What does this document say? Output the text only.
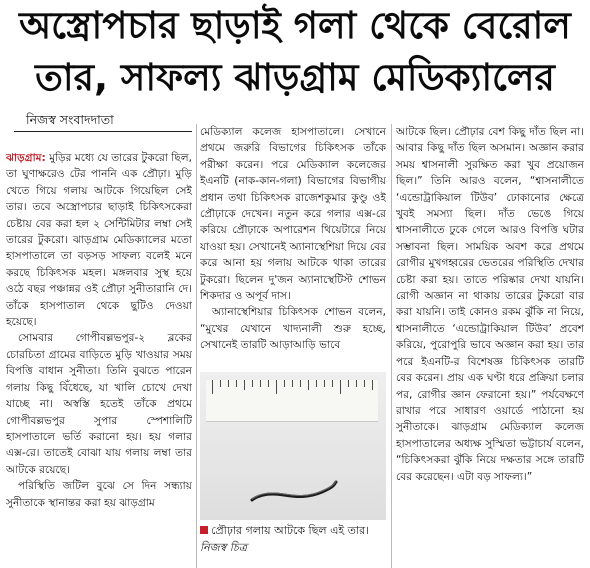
অস্ত্রোপচার ছাড়াই গলা থেকে বেরোল
তার, সাফল্য ঝাড়গ্রাম মেডিক্যালের
নিজস্ব সংবাদদাতা

ঝাড়গ্রাম: মুড়ির মধ্যে যে তারের টুকরো ছিল, তা ঘুণাক্ষরেও টের পাননি এক প্রৌঢ়া। মুড়ি খেতে গিয়ে গলায় আটকে গিয়েছিল সেই তার। তবে অস্ত্রোপচার ছাড়াই চিকিৎসকেরা চেষ্টায় বের করা হল ২ সেন্টিমিটার লম্বা সেই তারের টুকরো। ঝাড়গ্রাম মেডিক্যালের মতো হাসপাতালে তা বড়সড় সাফল্য বলেই মনে করছে চিকিৎসক মহল। মঙ্গলবার সুস্থ হয়ে ওঠে বছর পঞ্চান্নর ওই প্রৌঢ়া সুনীতারানি দে। তাঁকে হাসপাতাল থেকে ছুটিও দেওয়া হয়েছে।

সোমবার গোপীবল্লভপুর-২ ব্লকের চোরচিতা গ্রামের বাড়িতে মুড়ি খাওয়ার সময় বিপত্তি বাধান সুনীতা। তিনি বুঝতে পারেন গলায় কিছু বিঁধেছে, যা খালি চোখে দেখা যাচ্ছে না। অস্বস্তি হতেই তাঁকে প্রথমে গোপীবল্লভপুর সুপার স্পেশালিটি হাসপাতালে ভর্তি করানো হয়। হয় গলার এক্স-রে। তাতেই বোঝা যায় গলায় লম্বা তার আটকে রয়েছে।

পরিস্থিতি জটিল বুঝে সে দিন সন্ধ্যায় সুনীতাকে স্থানান্তর করা হয় ঝাড়গ্রাম

মেডিক্যাল কলেজ হাসপাতালে। সেখানে প্রথমে জরুরি বিভাগের চিকিৎসক তাঁকে পরীক্ষা করেন। পরে মেডিক্যাল কলেজের ইএনটি (নাক-কান-গলা) বিভাগের বিভাগীয় প্রধান তথা চিকিৎসক রাজেশকুমার কুণ্ডু ওই প্রৌঢ়াকে দেখেন। নতুন করে গলার এক্স-রে করিয়ে প্রৌঢ়াকে অপারেশন থিয়েটারে নিয়ে যাওয়া হয়। সেখানেই অ্যানাস্থেশিয়া দিয়ে বের করে আনা হয় গলায় আটকে থাকা তারের টুকরো। ছিলেন দু'জন অ্যানাস্থেটিস্ট শোভন শিকদার ও অপূর্ব দাস।

অ্যানাস্থেশিয়ার চিকিৎসক শোভন বলেন, “মুখের যেখানে খাদ্যনালী শুরু হচ্ছে, সেখানেই তারটি আড়াআড়ি ভাবে

প্রৌঢ়ার গলায় আটকে ছিল এই তার। নিজস্ব চিত্র

আটকে ছিল। প্রৌঢ়ার বেশ কিছু দাঁত ছিল না। আবার কিছু দাঁত ছিল অসমান। অজ্ঞান করার সময় শ্বাসনালী সুরক্ষিত করা খুব প্রয়োজন ছিল।” তিনি আরও বলেন, “শ্বাসনালীতে ‘এন্ডোট্রাকিয়াল টিউব’ ঢোকানোর ক্ষেত্রে খুবই সমস্যা ছিল। দাঁত ভেঙে গিয়ে শ্বাসনালীতে ঢুকে গেলে আরও বিপত্তি ঘটার সম্ভাবনা ছিল। সাময়িক অবশ করে প্রথমে রোগীর মুখগহ্বরের ভেতরের পরিস্থিতি দেখার চেষ্টা করা হয়। তাতে পরিষ্কার দেখা যায়নি। রোগী অজ্ঞান না থাকায় তারের টুকরো বার করা যায়নি। তাই কোনও রকম ঝুঁকি না নিয়ে, শ্বাসনালীতে ‘এন্ডোট্রাকিয়াল টিউব’ প্রবেশ করিয়ে, পুরোপুরি ভাবে অজ্ঞান করা হয়। তার পরে ইএনটি-র বিশেষজ্ঞ চিকিৎসক তারটি বের করেন। প্রায় এক ঘণ্টা ধরে প্রক্রিয়া চলার পর, রোগীর জ্ঞান ফেরানো হয়।” পর্যবেক্ষণে রাখার পরে সাধারণ ওয়ার্ডে পাঠানো হয় সুনীতাকে। ঝাড়গ্রাম মেডিক্যাল কলেজ হাসপাতালের অধ্যক্ষ সুস্মিতা ভট্টাচার্য বলেন, “চিকিৎসকরা ঝুঁকি নিয়ে দক্ষতার সঙ্গে তারটি বের করেছেন। এটা বড় সাফল্য।”
